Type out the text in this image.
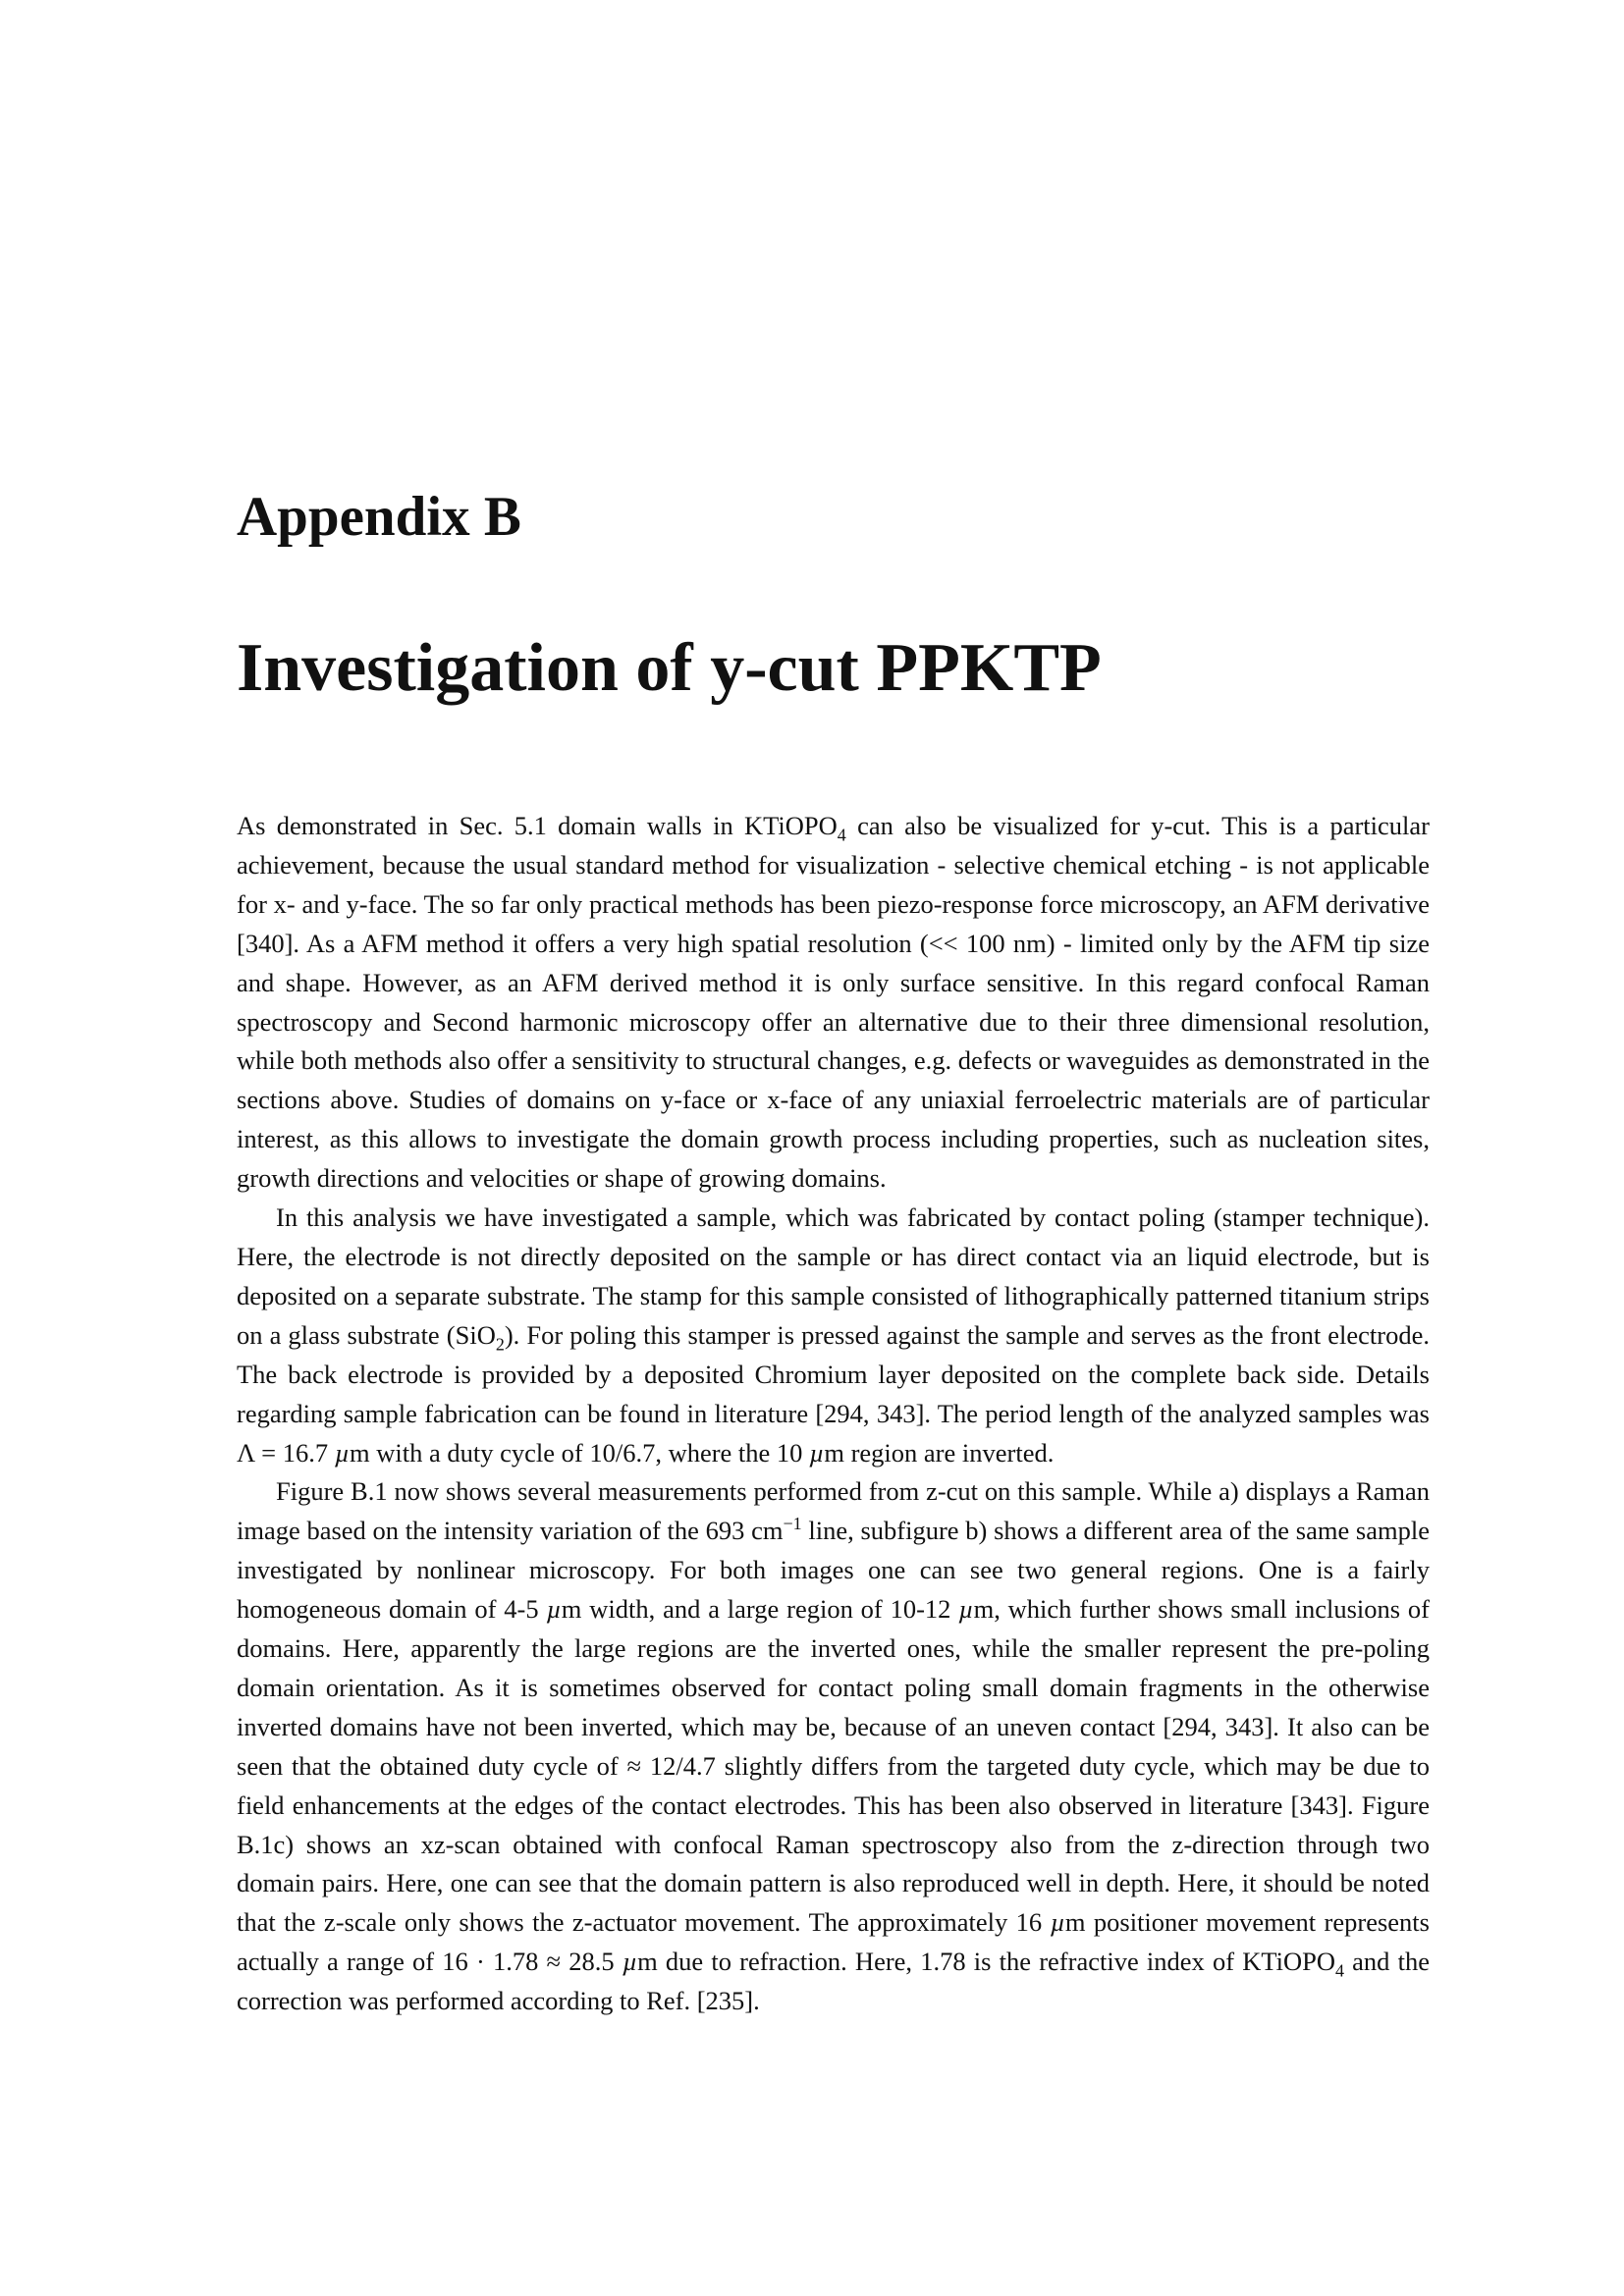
Appendix B
Investigation of y-cut PPKTP

As demonstrated in Sec. 5.1 domain walls in KTiOPO$_4$ can also be visualized for y-cut. This is a particular achievement, because the usual standard method for visualization - selective chemical etching - is not applicable for x- and y-face. The so far only practical methods has been piezo-response force microscopy, an AFM derivative [340]. As a AFM method it offers a very high spatial resolution (<< 100 nm) - limited only by the AFM tip size and shape. However, as an AFM derived method it is only surface sensitive. In this regard confocal Raman spectroscopy and Second harmonic microscopy offer an alternative due to their three dimensional resolution, while both methods also offer a sensitivity to structural changes, e.g. defects or waveguides as demonstrated in the sections above. Studies of domains on y-face or x-face of any uniaxial ferroelectric materials are of particular interest, as this allows to investigate the domain growth process including properties, such as nucleation sites, growth directions and velocities or shape of growing domains.

In this analysis we have investigated a sample, which was fabricated by contact poling (stamper technique). Here, the electrode is not directly deposited on the sample or has direct contact via an liquid electrode, but is deposited on a separate substrate. The stamp for this sample consisted of lithographically patterned titanium strips on a glass substrate (SiO$_2$). For poling this stamper is pressed against the sample and serves as the front electrode. The back electrode is provided by a deposited Chromium layer deposited on the complete back side. Details regarding sample fabrication can be found in literature [294, 343]. The period length of the analyzed samples was Λ = 16.7 µm with a duty cycle of 10/6.7, where the 10 µm region are inverted.

Figure B.1 now shows several measurements performed from z-cut on this sample. While a) displays a Raman image based on the intensity variation of the 693 $cm^{-1}$ line, subfigure b) shows a different area of the same sample investigated by nonlinear microscopy. For both images one can see two general regions. One is a fairly homogeneous domain of 4-5 µm width, and a large region of 10-12 µm, which further shows small inclusions of domains. Here, apparently the large regions are the inverted ones, while the smaller represent the pre-poling domain orientation. As it is sometimes observed for contact poling small domain fragments in the otherwise inverted domains have not been inverted, which may be, because of an uneven contact [294, 343]. It also can be seen that the obtained duty cycle of ≈ 12/4.7 slightly differs from the targeted duty cycle, which may be due to field enhancements at the edges of the contact electrodes. This has been also observed in literature [343]. Figure B.1c) shows an xz-scan obtained with confocal Raman spectroscopy also from the z-direction through two domain pairs. Here, one can see that the domain pattern is also reproduced well in depth. Here, it should be noted that the z-scale only shows the z-actuator movement. The approximately 16 µm positioner movement represents actually a range of 16 · 1.78 ≈ 28.5 µm due to refraction. Here, 1.78 is the refractive index of KTiOPO$_4$ and the correction was performed according to Ref. [235].
